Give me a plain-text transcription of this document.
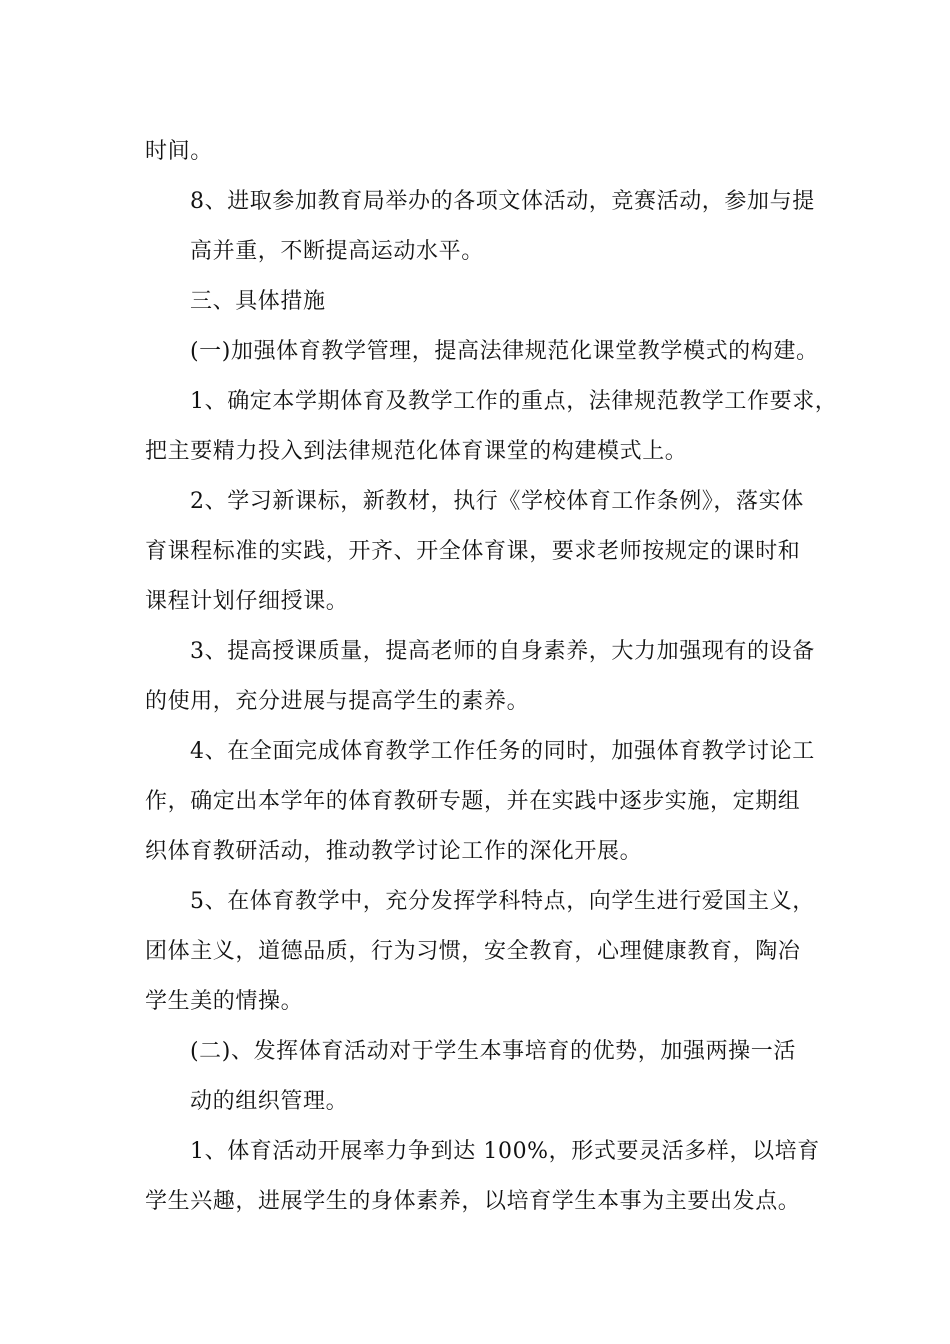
时间。
8、进取参加教育局举办的各项文体活动，竞赛活动，参加与提
高并重，不断提高运动水平。
三、具体措施
(一)加强体育教学管理，提高法律规范化课堂教学模式的构建。
1、确定本学期体育及教学工作的重点，法律规范教学工作要求，
把主要精力投入到法律规范化体育课堂的构建模式上。
2、学习新课标，新教材，执行《学校体育工作条例》，落实体
育课程标准的实践，开齐、开全体育课，要求老师按规定的课时和
课程计划仔细授课。
3、提高授课质量，提高老师的自身素养，大力加强现有的设备
的使用，充分进展与提高学生的素养。
4、在全面完成体育教学工作任务的同时，加强体育教学讨论工
作，确定出本学年的体育教研专题，并在实践中逐步实施，定期组
织体育教研活动，推动教学讨论工作的深化开展。
5、在体育教学中，充分发挥学科特点，向学生进行爱国主义，
团体主义，道德品质，行为习惯，安全教育，心理健康教育，陶冶
学生美的情操。
(二)、发挥体育活动对于学生本事培育的优势，加强两操一活
动的组织管理。
1、体育活动开展率力争到达 100%，形式要灵活多样，以培育
学生兴趣，进展学生的身体素养，以培育学生本事为主要出发点。
